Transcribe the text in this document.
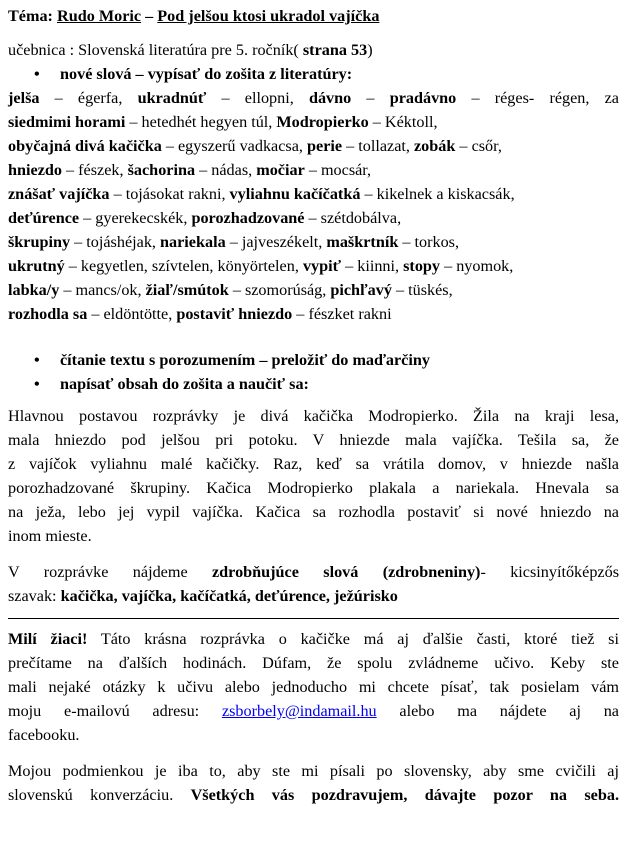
Téma: Rudo Moric – Pod jelšou ktosi ukradol vajíčka
učebnica : Slovenská literatúra pre 5. ročník( strana 53)
• nové slová – vypísať do zošita z literatúry:
jelša – égerfa, ukradnúť – ellopni, dávno – pradávno – réges- régen, za
siedmimi horami – hetedhét hegyen túl, Modropierko – Kéktoll,
obyčajná divá kačička – egyszerű vadkacsa, perie – tollazat, zobák – csőr,
hniezdo – fészek, šachorina – nádas, močiar – mocsár,
znášať vajíčka – tojásokat rakni, vyliahnu kačíčatká – kikelnek a kiskacsák,
deťúrence – gyerekecskék, porozhadzované – szétdobálva,
škrupiny – tojáshéjak, nariekala – jajveszékelt, maškrtník – torkos,
ukrutný – kegyetlen, szívtelen, könyörtelen, vypiť – kiinni, stopy – nyomok,
labka/y – mancs/ok, žiaľ/smútok – szomorúság, pichľavý – tüskés,
rozhodla sa – eldöntötte, postaviť hniezdo – fészket rakni
• čítanie textu s porozumením – preložiť do maďarčiny
• napísať obsah do zošita a naučiť sa:

Hlavnou postavou rozprávky je divá kačička Modropierko. Žila na kraji lesa,
mala hniezdo pod jelšou pri potoku. V hniezde mala vajíčka. Tešila sa, že
z vajíčok vyliahnu malé kačičky. Raz, keď sa vrátila domov, v hniezde našla
porozhadzované škrupiny. Kačica Modropierko plakala a nariekala. Hnevala sa
na ježa, lebo jej vypil vajíčka. Kačica sa rozhodla postaviť si nové hniezdo na
inom mieste.

V rozprávke nájdeme zdrobňujúce slová (zdrobneniny)- kicsinyítőképzős
szavak: kačička, vajíčka, kačíčatká, deťúrence, ježúrisko

Milí žiaci! Táto krásna rozprávka o kačičke má aj ďalšie časti, ktoré tiež si
prečítame na ďalších hodinách. Dúfam, že spolu zvládneme učivo. Keby ste
mali nejaké otázky k učivu alebo jednoducho mi chcete písať, tak posielam vám
moju e-mailovú adresu: zsborbely@indamail.hu alebo ma nájdete aj na
facebooku.

Mojou podmienkou je iba to, aby ste mi písali po slovensky, aby sme cvičili aj
slovenskú konverzáciu. Všetkých vás pozdravujem, dávajte pozor na seba.
